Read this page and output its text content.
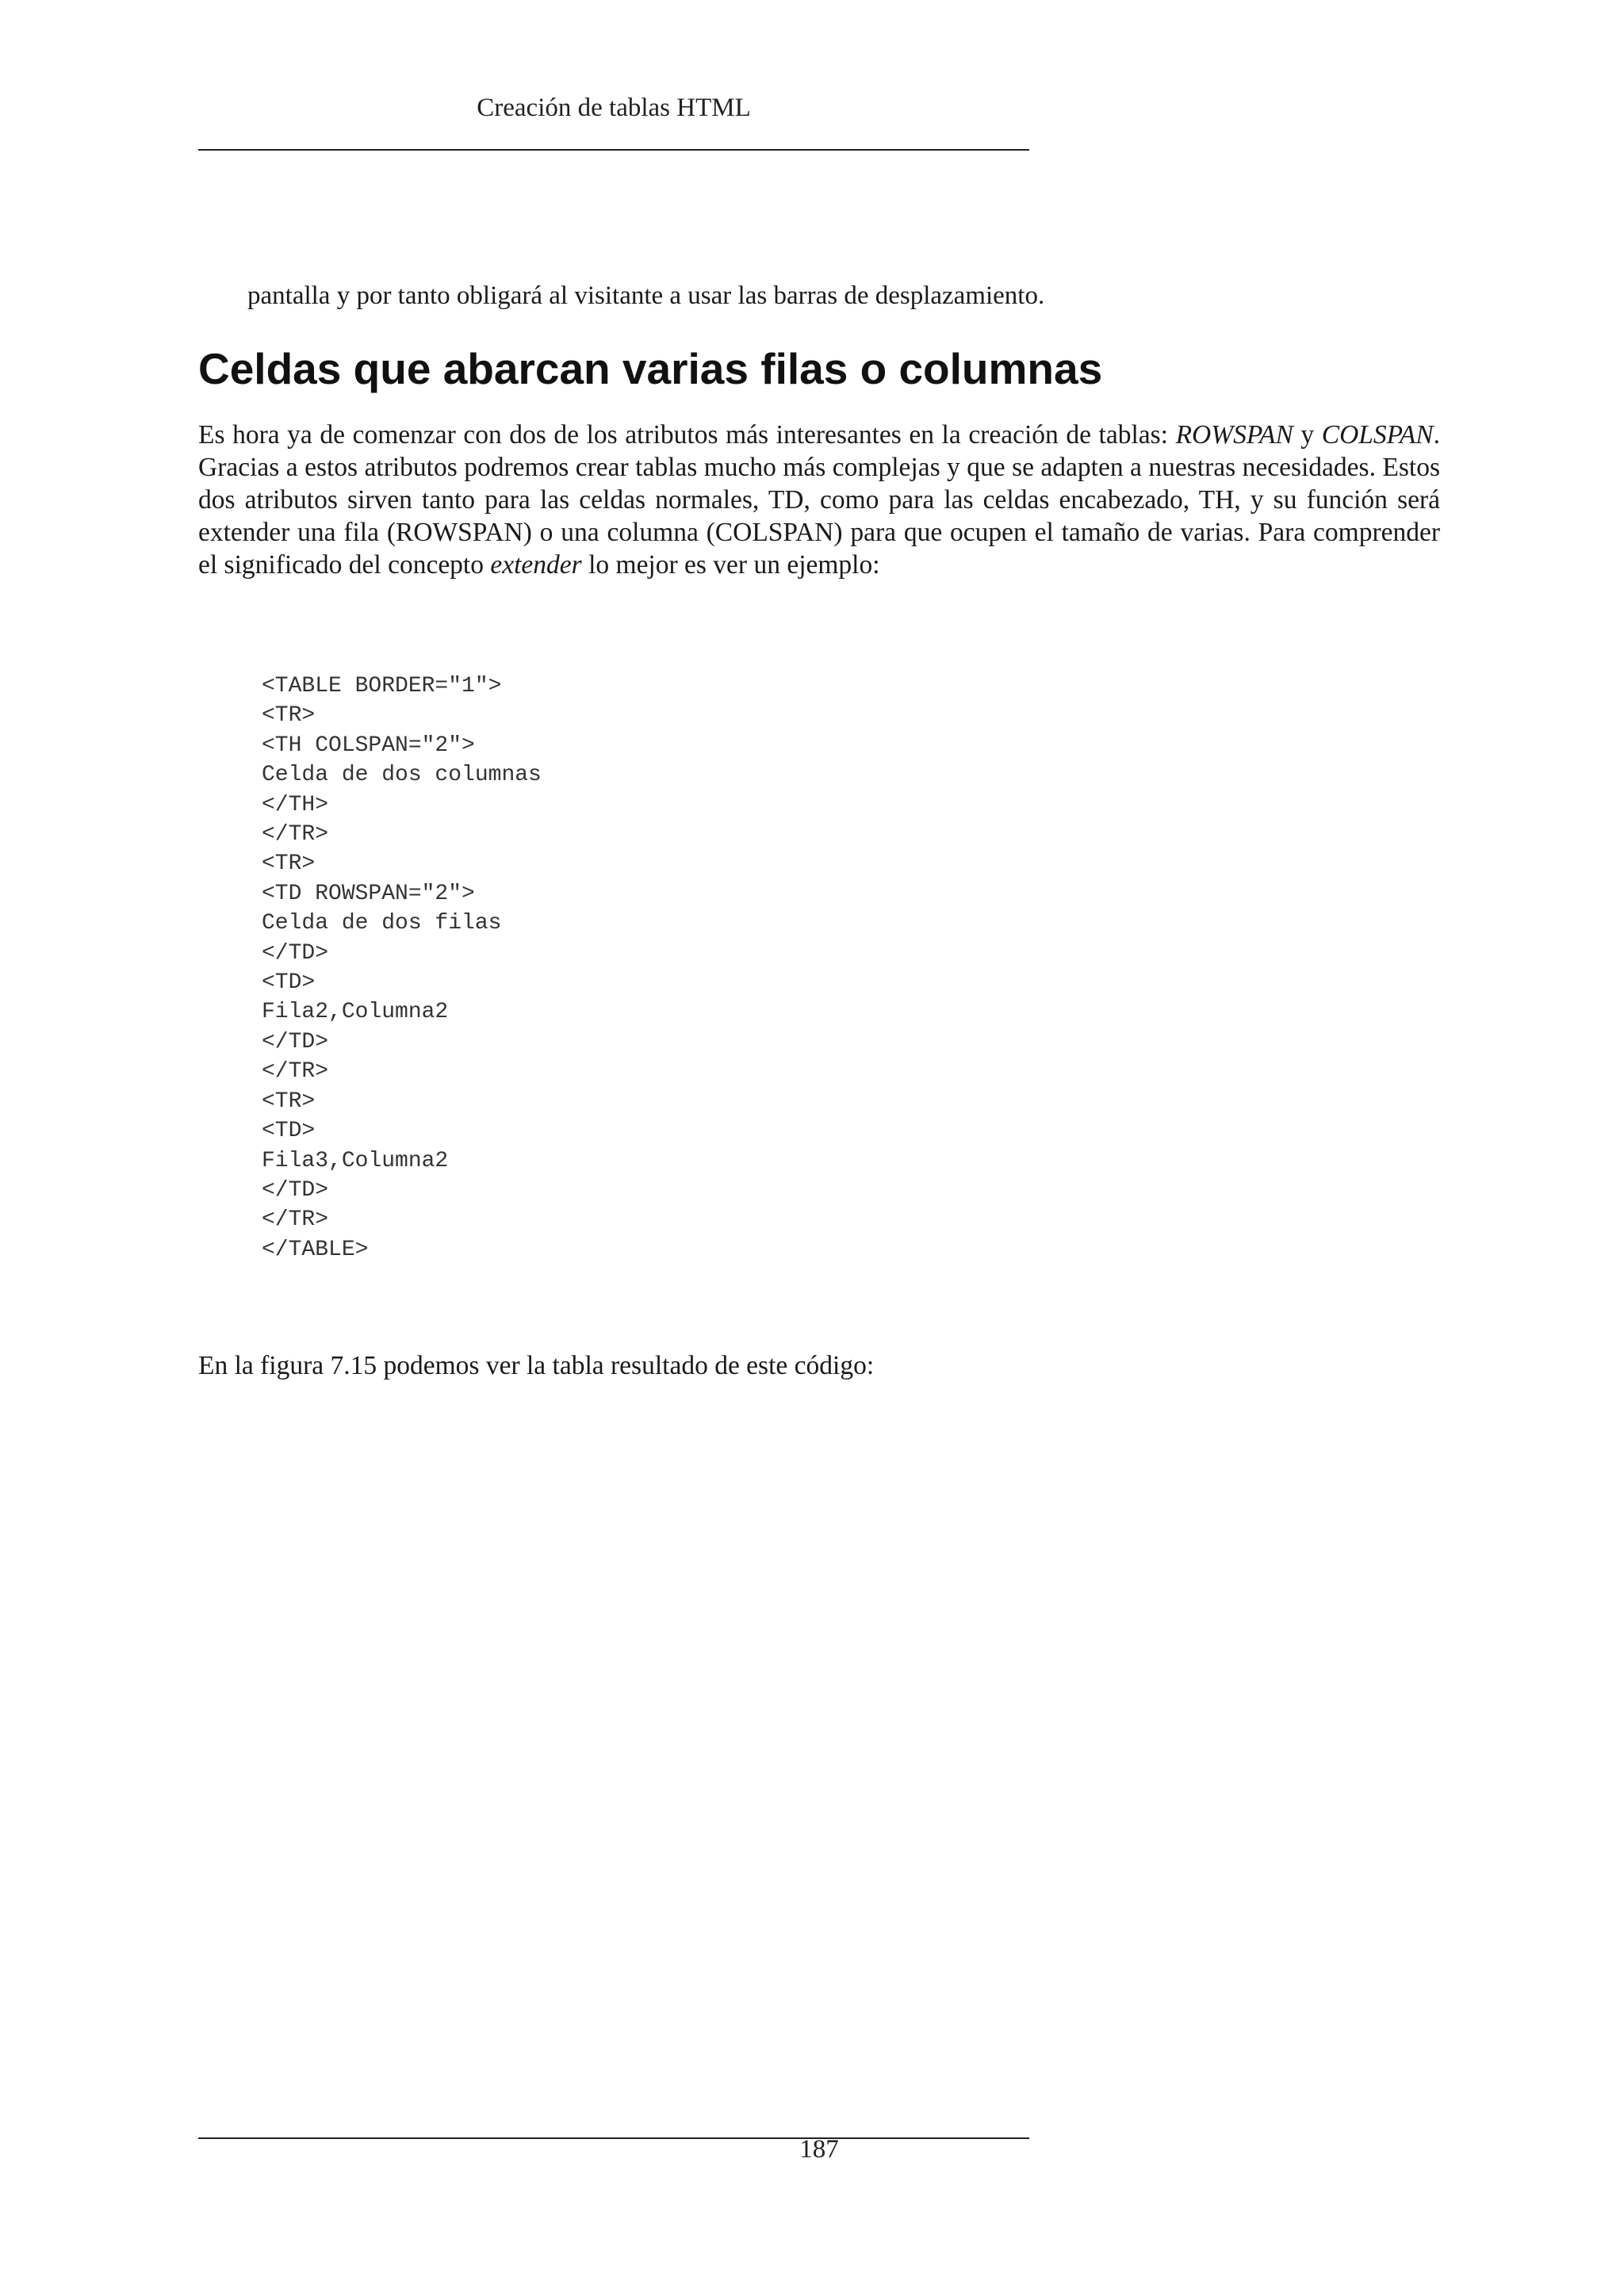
Creación de tablas HTML
pantalla y por tanto obligará al visitante a usar las barras de desplazamiento.
Celdas que abarcan varias filas o columnas

Es hora ya de comenzar con dos de los atributos más interesantes en la creación de tablas: ROWSPAN y COLSPAN. Gracias a estos atributos podremos crear tablas mucho más complejas y que se adapten a nuestras necesidades. Estos dos atributos sirven tanto para las celdas normales, TD, como para las celdas encabezado, TH, y su función será extender una fila (ROWSPAN) o una columna (COLSPAN) para que ocupen el tamaño de varias. Para comprender el significado del concepto extender lo mejor es ver un ejemplo:

<TABLE BORDER="1">
<TR>
<TH COLSPAN="2">
Celda de dos columnas
</TH>
</TR>
<TR>
<TD ROWSPAN="2">
Celda de dos filas
</TD>
<TD>
Fila2,Columna2
</TD>
</TR>
<TR>
<TD>
Fila3,Columna2
</TD>
</TR>
</TABLE>
En la figura 7.15 podemos ver la tabla resultado de este código:
187
